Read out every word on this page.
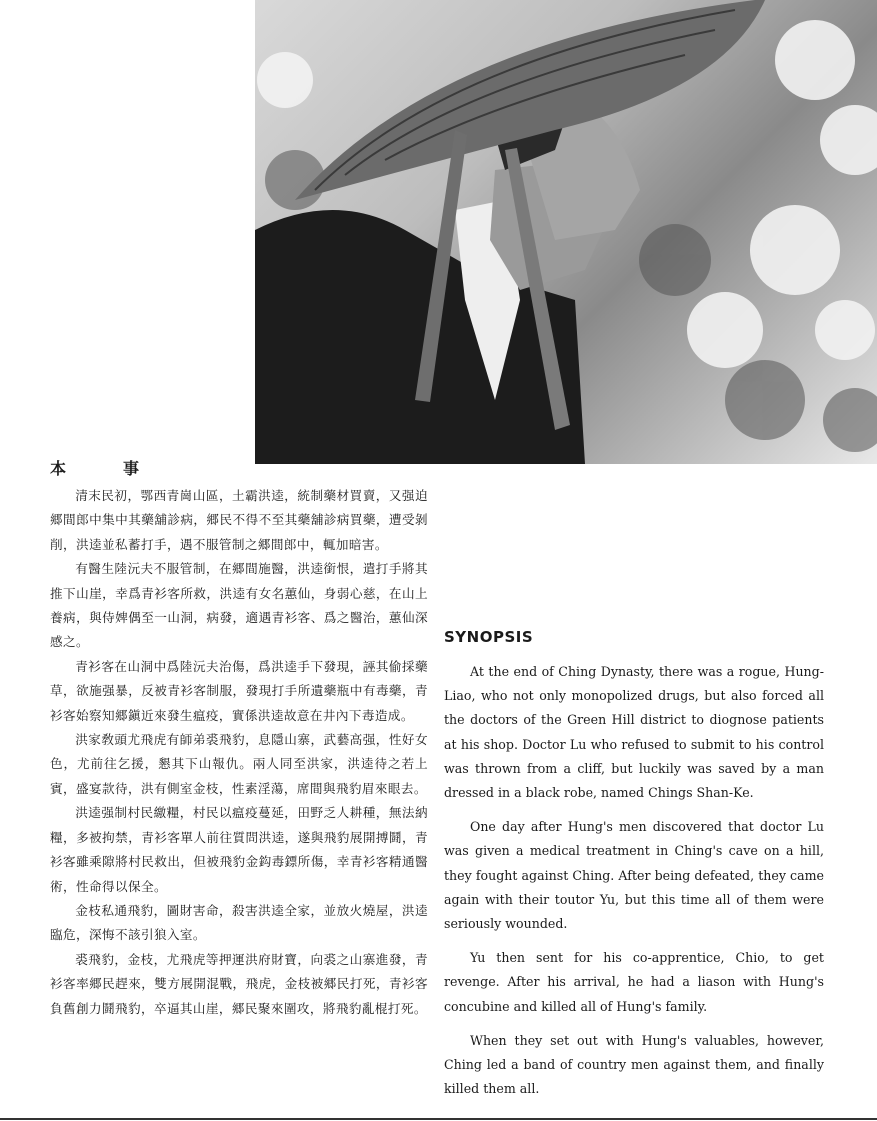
本	事

清末民初，鄂西青崗山區，土霸洪逵，統制藥材買賣，又强迫郷間郎中集中其藥舖診病，郷民不得不至其藥舖診病買藥，遭受剝削，洪逵並私蓄打手，遇不服管制之郷間郎中，輒加暗害。

有醫生陸沅夫不服管制，在郷間施醫，洪逵銜恨，遣打手將其推下山崖，幸爲青衫客所救，洪逵有女名蕙仙，身弱心慈，在山上養病，與侍婢偶至一山洞，病發，適遇青衫客、爲之醫治，蕙仙深感之。

青衫客在山洞中爲陸沅夫治傷，爲洪逵手下發現，誣其偷採藥草，欲施强暴，反被青衫客制服，發現打手所遺藥瓶中有毒藥，青衫客始察知郷鎭近來發生瘟疫，實係洪逵故意在井內下毒造成。

洪家敎頭尤飛虎有師弟裘飛豹，息隱山寨，武藝高强，性好女色，尤前往乞援，懇其下山報仇。兩人同至洪家，洪逵待之若上賓，盛宴款待，洪有側室金枝，性素淫蕩，席間與飛豹眉來眼去。

洪逵强制村民繳糧，村民以瘟疫蔓延，田野乏人耕種，無法納糧，多被拘禁，青衫客單人前往質問洪逵，遂與飛豹展開搏鬪，青衫客雖乘隙將村民救出，但被飛豹金鈎毒鏢所傷，幸青衫客精通醫術，性命得以保全。

金枝私通飛豹，圖財害命，殺害洪逵全家，並放火燒屋，洪逵臨危，深悔不該引狼入室。

裘飛豹，金枝，尤飛虎等押運洪府財寶，向裘之山寨進發，青衫客率郷民趕來，雙方展開混戰，飛虎，金枝被郷民打死，青衫客負舊創力鬪飛豹，卒逼其山崖，郷民聚來圍攻，將飛豹亂棍打死。

SYNOPSIS

At the end of Ching Dynasty, there was a rogue, Hung-Liao, who not only monopolized drugs, but also forced all the doctors of the Green Hill district to diognose patients at his shop. Doctor Lu who refused to submit to his control was thrown from a cliff, but luckily was saved by a man dressed in a black robe, named Chings Shan-Ke.

One day after Hung's men discovered that doctor Lu was given a medical treatment in Ching's cave on a hill, they fought against Ching. After being defeated, they came again with their toutor Yu, but this time all of them were seriously wounded.

Yu then sent for his co-apprentice, Chio, to get revenge. After his arrival, he had a liason with Hung's concubine and killed all of Hung's family.

When they set out with Hung's valuables, however, Ching led a band of country men against them, and finally killed them all.
